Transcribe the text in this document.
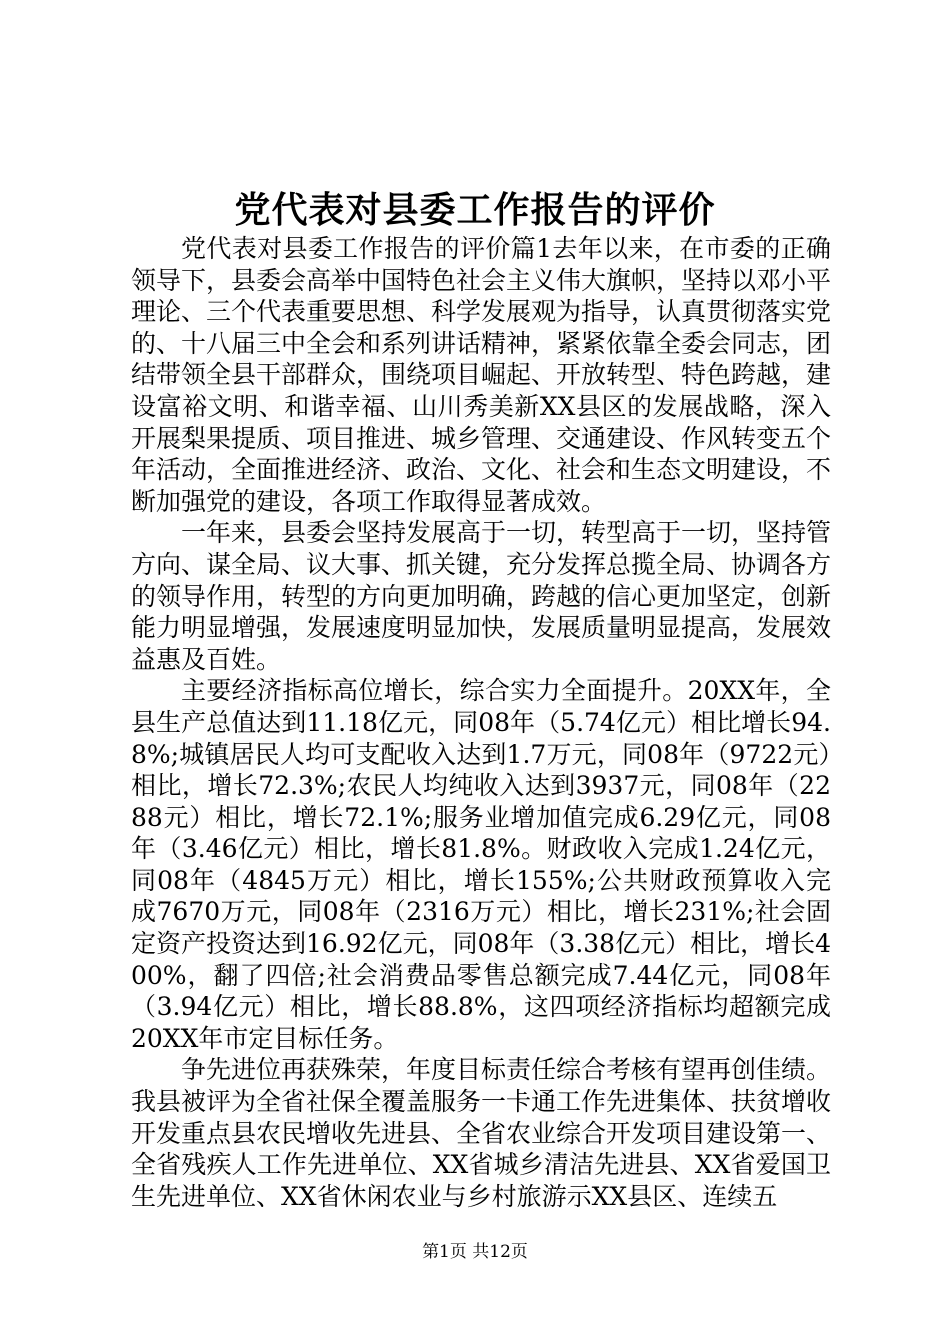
党代表对县委工作报告的评价

党代表对县委工作报告的评价篇1去年以来，在市委的正确领导下，县委会高举中国特色社会主义伟大旗帜，坚持以邓小平理论、三个代表重要思想、科学发展观为指导，认真贯彻落实党的、十八届三中全会和系列讲话精神，紧紧依靠全委会同志，团结带领全县干部群众，围绕项目崛起、开放转型、特色跨越，建设富裕文明、和谐幸福、山川秀美新XX县区的发展战略，深入开展梨果提质、项目推进、城乡管理、交通建设、作风转变五个年活动，全面推进经济、政治、文化、社会和生态文明建设，不断加强党的建设，各项工作取得显著成效。

一年来，县委会坚持发展高于一切，转型高于一切，坚持管方向、谋全局、议大事、抓关键，充分发挥总揽全局、协调各方的领导作用，转型的方向更加明确，跨越的信心更加坚定，创新能力明显增强，发展速度明显加快，发展质量明显提高，发展效益惠及百姓。

主要经济指标高位增长，综合实力全面提升。20XX年，全县生产总值达到11.18亿元，同08年（5.74亿元）相比增长94.8%;城镇居民人均可支配收入达到1.7万元，同08年（9722元）相比，增长72.3%;农民人均纯收入达到3937元，同08年（2288元）相比，增长72.1%;服务业增加值完成6.29亿元，同08年（3.46亿元）相比，增长81.8%。财政收入完成1.24亿元，同08年（4845万元）相比，增长155%;公共财政预算收入完成7670万元，同08年（2316万元）相比，增长231%;社会固定资产投资达到16.92亿元，同08年（3.38亿元）相比，增长400%，翻了四倍;社会消费品零售总额完成7.44亿元，同08年（3.94亿元）相比，增长88.8%，这四项经济指标均超额完成20XX年市定目标任务。

争先进位再获殊荣，年度目标责任综合考核有望再创佳绩。我县被评为全省社保全覆盖服务一卡通工作先进集体、扶贫增收开发重点县农民增收先进县、全省农业综合开发项目建设第一、全省残疾人工作先进单位、XX省城乡清洁先进县、XX省爱国卫生先进单位、XX省休闲农业与乡村旅游示XX县区、连续五

第1页 共12页
